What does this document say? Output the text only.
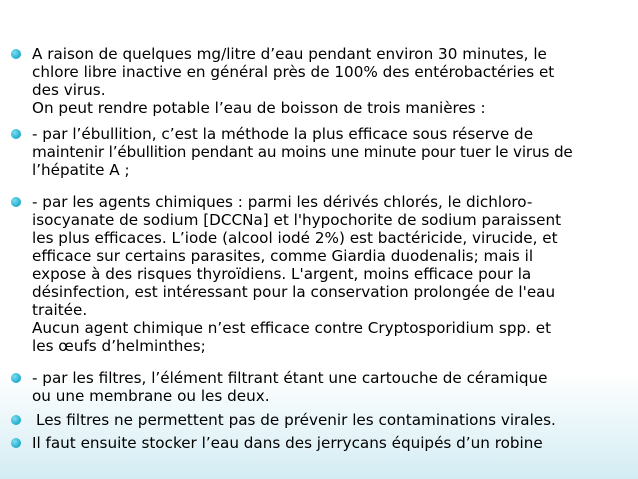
A raison de quelques mg/litre d’eau pendant environ 30 minutes, le
chlore libre inactive en général près de 100% des entérobactéries et
des virus.
On peut rendre potable l’eau de boisson de trois manières :
- par l’ébullition, c’est la méthode la plus efficace sous réserve de
maintenir l’ébullition pendant au moins une minute pour tuer le virus de
l’hépatite A ;
- par les agents chimiques : parmi les dérivés chlorés, le dichloro-
isocyanate de sodium [DCCNa] et l'hypochorite de sodium paraissent
les plus efficaces. L’iode (alcool iodé 2%) est bactéricide, virucide, et
efficace sur certains parasites, comme Giardia duodenalis; mais il
expose à des risques thyroïdiens. L'argent, moins efficace pour la
désinfection, est intéressant pour la conservation prolongée de l'eau
traitée.
Aucun agent chimique n’est efficace contre Cryptosporidium spp. et
les œufs d’helminthes;
- par les filtres, l’élément filtrant étant une cartouche de céramique
ou une membrane ou les deux.
Les filtres ne permettent pas de prévenir les contaminations virales.
Il faut ensuite stocker l’eau dans des jerrycans équipés d’un robine
